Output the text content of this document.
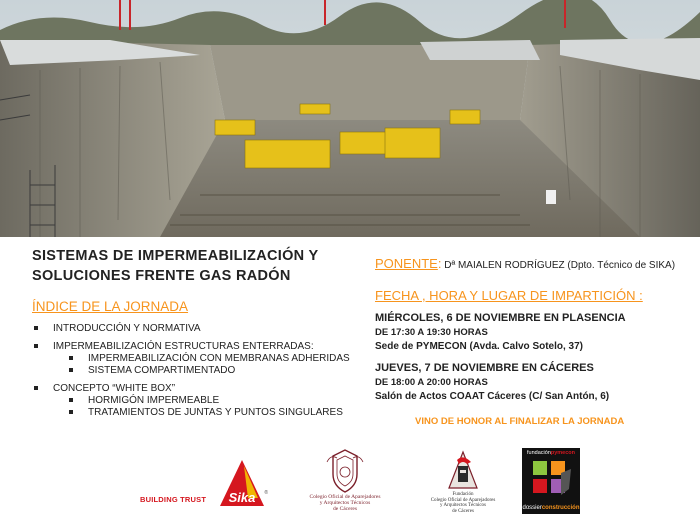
SISTEMAS DE IMPERMEABILIZACIÓN Y
SOLUCIONES FRENTE GAS RADÓN
ÍNDICE DE LA JORNADA
INTRODUCCIÓN Y NORMATIVA
IMPERMEABILIZACIÓN ESTRUCTURAS ENTERRADAS:
IMPERMEABILIZACIÓN CON MEMBRANAS ADHERIDAS
SISTEMA COMPARTIMENTADO
CONCEPTO “WHITE BOX”
HORMIGÓN IMPERMEABLE
TRATAMIENTOS DE JUNTAS Y PUNTOS SINGULARES
PONENTE: Dª MAIALEN RODRÍGUEZ (Dpto. Técnico de SIKA)
FECHA , HORA Y LUGAR DE IMPARTICIÓN :
MIÉRCOLES, 6 DE NOVIEMBRE EN PLASENCIA
DE 17:30 A 19:30 HORAS
Sede de PYMECON (Avda. Calvo Sotelo, 37)
JUEVES, 7 DE NOVIEMBRE EN CÁCERES
DE 18:00 A 20:00 HORAS
Salón de Actos COAAT Cáceres (C/ San Antón, 6)
VINO DE HONOR AL FINALIZAR LA JORNADA
BUILDING TRUST Sika ®
Colegio Oficial de Aparejadores
y Arquitectos Técnicos
de Cáceres
Fundación
Colegio Oficial de Aparejadores
y Arquitectos Técnicos
de Cáceres
fundaciónpymecon
dossierconstrucción
